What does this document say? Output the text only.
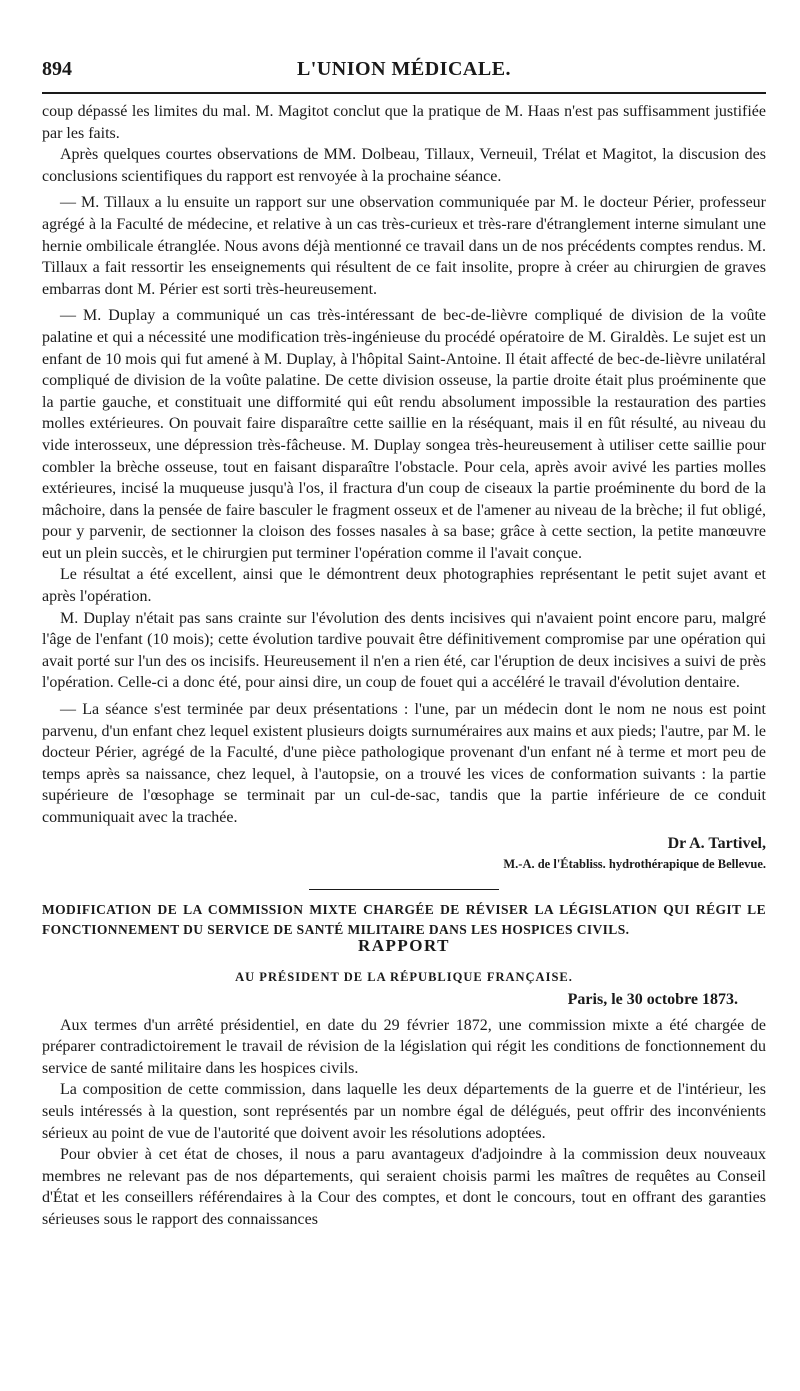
894	L'UNION MÉDICALE.

coup dépassé les limites du mal. M. Magitot conclut que la pratique de M. Haas n'est pas suffisamment justifiée par les faits.

Après quelques courtes observations de MM. Dolbeau, Tillaux, Verneuil, Trélat et Magitot, la discusion des conclusions scientifiques du rapport est renvoyée à la prochaine séance.

— M. Tillaux a lu ensuite un rapport sur une observation communiquée par M. le docteur Périer, professeur agrégé à la Faculté de médecine, et relative à un cas très-curieux et très-rare d'étranglement interne simulant une hernie ombilicale étranglée. Nous avons déjà mentionné ce travail dans un de nos précédents comptes rendus. M. Tillaux a fait ressortir les enseignements qui résultent de ce fait insolite, propre à créer au chirurgien de graves embarras dont M. Périer est sorti très-heureusement.

— M. Duplay a communiqué un cas très-intéressant de bec-de-lièvre compliqué de division de la voûte palatine et qui a nécessité une modification très-ingénieuse du procédé opératoire de M. Giraldès. Le sujet est un enfant de 10 mois qui fut amené à M. Duplay, à l'hôpital Saint-Antoine. Il était affecté de bec-de-lièvre unilatéral compliqué de division de la voûte palatine. De cette division osseuse, la partie droite était plus proéminente que la partie gauche, et constituait une difformité qui eût rendu absolument impossible la restauration des parties molles extérieures. On pouvait faire disparaître cette saillie en la réséquant, mais il en fût résulté, au niveau du vide interosseux, une dépression très-fâcheuse. M. Duplay songea très-heureusement à utiliser cette saillie pour combler la brèche osseuse, tout en faisant disparaître l'obstacle. Pour cela, après avoir avivé les parties molles extérieures, incisé la muqueuse jusqu'à l'os, il fractura d'un coup de ciseaux la partie proéminente du bord de la mâchoire, dans la pensée de faire basculer le fragment osseux et de l'amener au niveau de la brèche; il fut obligé, pour y parvenir, de sectionner la cloison des fosses nasales à sa base; grâce à cette section, la petite manœuvre eut un plein succès, et le chirurgien put terminer l'opération comme il l'avait conçue.

Le résultat a été excellent, ainsi que le démontrent deux photographies représentant le petit sujet avant et après l'opération.

M. Duplay n'était pas sans crainte sur l'évolution des dents incisives qui n'avaient point encore paru, malgré l'âge de l'enfant (10 mois); cette évolution tardive pouvait être définitivement compromise par une opération qui avait porté sur l'un des os incisifs. Heureusement il n'en a rien été, car l'éruption de deux incisives a suivi de près l'opération. Celle-ci a donc été, pour ainsi dire, un coup de fouet qui a accéléré le travail d'évolution dentaire.

— La séance s'est terminée par deux présentations : l'une, par un médecin dont le nom ne nous est point parvenu, d'un enfant chez lequel existent plusieurs doigts surnuméraires aux mains et aux pieds; l'autre, par M. le docteur Périer, agrégé de la Faculté, d'une pièce pathologique provenant d'un enfant né à terme et mort peu de temps après sa naissance, chez lequel, à l'autopsie, on a trouvé les vices de conformation suivants : la partie supérieure de l'œsophage se terminait par un cul-de-sac, tandis que la partie inférieure de ce conduit communiquait avec la trachée.

Dr A. Tartivel,
M.-A. de l'Établiss. hydrothérapique de Bellevue.

MODIFICATION DE LA COMMISSION MIXTE CHARGÉE DE RÉVISER LA LÉGISLATION QUI RÉGIT LE FONCTIONNEMENT DU SERVICE DE SANTÉ MILITAIRE DANS LES HOSPICES CIVILS.

RAPPORT
AU PRÉSIDENT DE LA RÉPUBLIQUE FRANÇAISE.
Paris, le 30 octobre 1873.

Aux termes d'un arrêté présidentiel, en date du 29 février 1872, une commission mixte a été chargée de préparer contradictoirement le travail de révision de la législation qui régit les conditions de fonctionnement du service de santé militaire dans les hospices civils.

La composition de cette commission, dans laquelle les deux départements de la guerre et de l'intérieur, les seuls intéressés à la question, sont représentés par un nombre égal de délégués, peut offrir des inconvénients sérieux au point de vue de l'autorité que doivent avoir les résolutions adoptées.

Pour obvier à cet état de choses, il nous a paru avantageux d'adjoindre à la commission deux nouveaux membres ne relevant pas de nos départements, qui seraient choisis parmi les maîtres de requêtes au Conseil d'État et les conseillers référendaires à la Cour des comptes, et dont le concours, tout en offrant des garanties sérieuses sous le rapport des connaissances
